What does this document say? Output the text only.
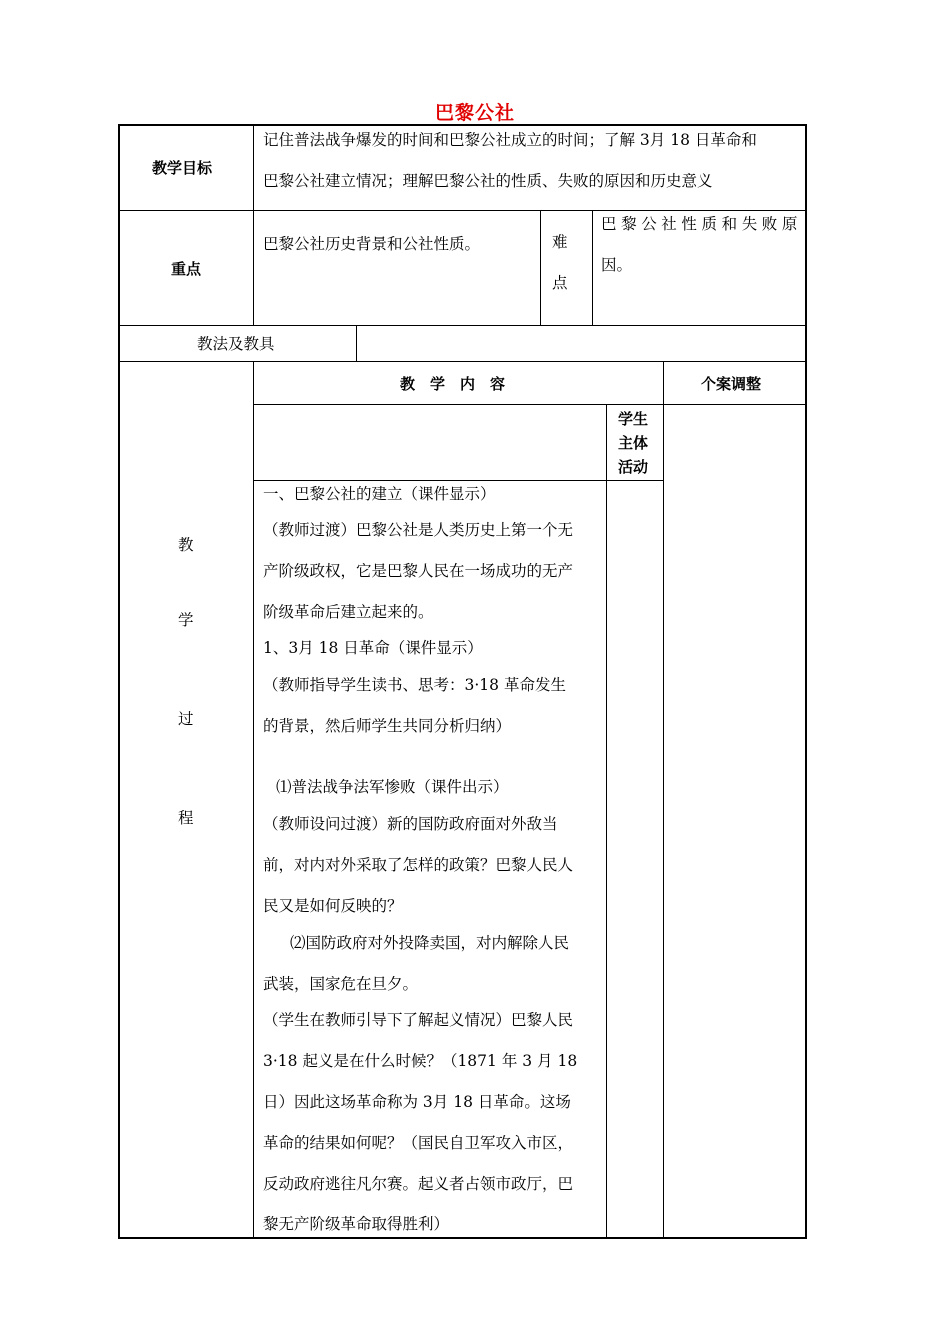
巴黎公社
教学目标
记住普法战争爆发的时间和巴黎公社成立的时间；了解 3月 18 日革命和
巴黎公社建立情况；理解巴黎公社的性质、失败的原因和历史意义
重点
巴黎公社历史背景和公社性质。	难
点
巴黎公社性质和失败原
因。
教法及教具
教
学
过
程
教　学　内　容	个案调整
学生
主体
活动
一、巴黎公社的建立（课件显示）
（教师过渡）巴黎公社是人类历史上第一个无
产阶级政权，它是巴黎人民在一场成功的无产
阶级革命后建立起来的。
1、3月 18 日革命（课件显示）
（教师指导学生读书、思考：3·18 革命发生
的背景，然后师学生共同分析归纳）
⑴普法战争法军惨败（课件出示）
（教师设问过渡）新的国防政府面对外敌当
前，对内对外采取了怎样的政策？巴黎人民人
民又是如何反映的？
⑵国防政府对外投降卖国，对内解除人民
武装，国家危在旦夕。
（学生在教师引导下了解起义情况）巴黎人民
3·18 起义是在什么时候？（1871 年 3 月 18
日）因此这场革命称为 3月 18 日革命。这场
革命的结果如何呢？（国民自卫军攻入市区，
反动政府逃往凡尔赛。起义者占领市政厅，巴
黎无产阶级革命取得胜利）
